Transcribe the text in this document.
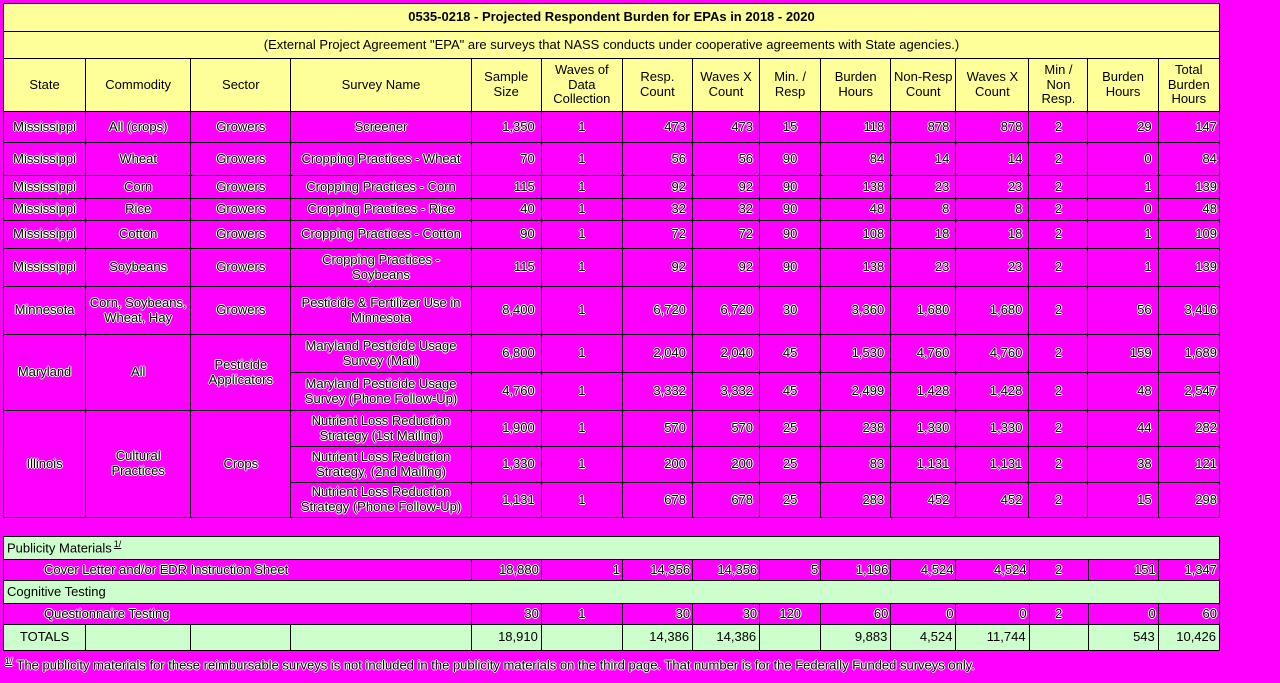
0535-0218 - Projected Respondent Burden for EPAs in 2018 - 2020														
(External Project Agreement "EPA" are surveys that NASS conducts under cooperative agreements with State agencies.)														
State	Commodity	Sector	Survey Name	Sample Size	Waves of Data Collection	Resp. Count	Waves X Count	Min. / Resp	Burden Hours	Non-Resp Count	Waves X Count	Min / Non Resp.	Burden Hours	Total Burden Hours
Mississippi	All (crops)	Growers	Screener	1,350	1	473	473	15	118	878	878	2	29	147
Mississippi	Wheat	Growers	Cropping Practices - Wheat	70	1	56	56	90	84	14	14	2	0	84
Mississippi	Corn	Growers	Cropping Practices - Corn	115	1	92	92	90	138	23	23	2	1	139
Mississippi	Rice	Growers	Cropping Practices - Rice	40	1	32	32	90	48	8	8	2	0	48
Mississippi	Cotton	Growers	Cropping Practices - Cotton	90	1	72	72	90	108	18	18	2	1	109
Mississippi	Soybeans	Growers	Cropping Practices - Soybeans	115	1	92	92	90	138	23	23	2	1	139
Minnesota	Corn, Soybeans, Wheat, Hay	Growers	Pesticide & Fertilizer Use in Minnesota	8,400	1	6,720	6,720	30	3,360	1,680	1,680	2	56	3,416
Maryland	All	Pesticide Applicators	Maryland Pesticide Usage Survey (Mail)	6,800	1	2,040	2,040	45	1,530	4,760	4,760	2	159	1,689
			Maryland Pesticide Usage Survey (Phone Follow-Up)	4,760	1	3,332	3,332	45	2,499	1,428	1,428	2	48	2,547
Illinois	Cultural Practices	Crops	Nutrient Loss Reduction Strategy (1st Mailing)	1,900	1	570	570	25	238	1,330	1,330	2	44	282
			Nutrient Loss Reduction Strategy, (2nd Mailing)	1,330	1	200	200	25	83	1,131	1,131	2	38	121
			Nutrient Loss Reduction Strategy (Phone Follow-Up)	1,131	1	678	678	25	283	452	452	2	15	298
Publicity Materials $^{1/}$
Cover Letter and/or EDR Instruction Sheet				18,880	1	14,356	14,356	5	1,196	4,524	4,524	2	151	1,347
Cognitive Testing														
Questionnaire Testing				30	1	30	30	120	60	0	0	2	0	60
TOTALS				18,910		14,386	14,386		9,883	4,524	11,744		543	10,426
$^{1/}$ The publicity materials for these reimbursable surveys is not included in the publicity materials on the third page. That number is for the Federally Funded surveys only.
